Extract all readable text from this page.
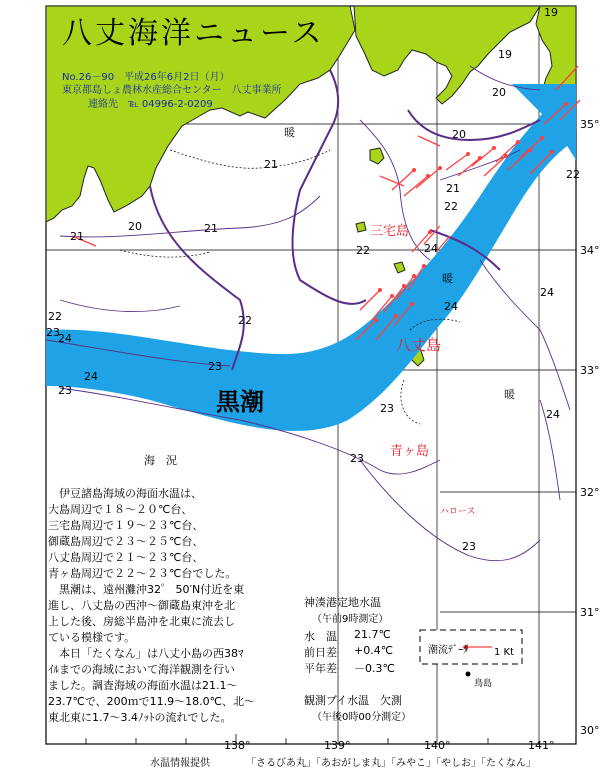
八丈海洋ニュース
No.26－90　平成26年6月2日（月）
東京都島しょ農林水産総合センター　八丈事業所
連絡先　℡ 04996-2-0209
35°
34°
33°
32°
31°
30°
138°	139°	140°	141°
三宅島
八丈島
青ヶ島
ハロース
鳥島
黒潮
暖
暖
暖
19
19
20
20
20
21
21
21
21
22
22
22
22
22
23
23
23
23
23
23
24
24
24
24
24
24
海　況
　伊豆諸島海域の海面水温は、
大島周辺で１８～２０℃台、
三宅島周辺で１９～２３℃台、
御蔵島周辺で２３～２５℃台、
八丈島周辺で２１～２３℃台、
青ヶ島周辺で２２～２３℃台でした。
　黒潮は、遠州灘沖32゜ 50′N付近を東
進し、八丈島の西沖～御蔵島東沖を北
上した後、房総半島沖を北東に流去し
ている模様です。
　本日「たくなん」は八丈小島の西38ﾏ
ｲﾙまでの海域において海洋観測を行い
ました。調査海域の海面水温は21.1～
23.7℃で、200ｍで11.9～18.0℃、北～
東北東に1.7～3.4ﾉｯﾄの流れでした。
神湊港定地水温
（午前9時測定）
水　温 21.7℃
前日差 +0.4℃
平年差 －0.3℃
観測ブイ水温　欠測
（午後0時00分測定）
潮流ﾃﾞｰﾀ	1 Kt
水温情報提供	「さるびあ丸」「あおがしま丸」「みやこ」「やしお」「たくなん」
